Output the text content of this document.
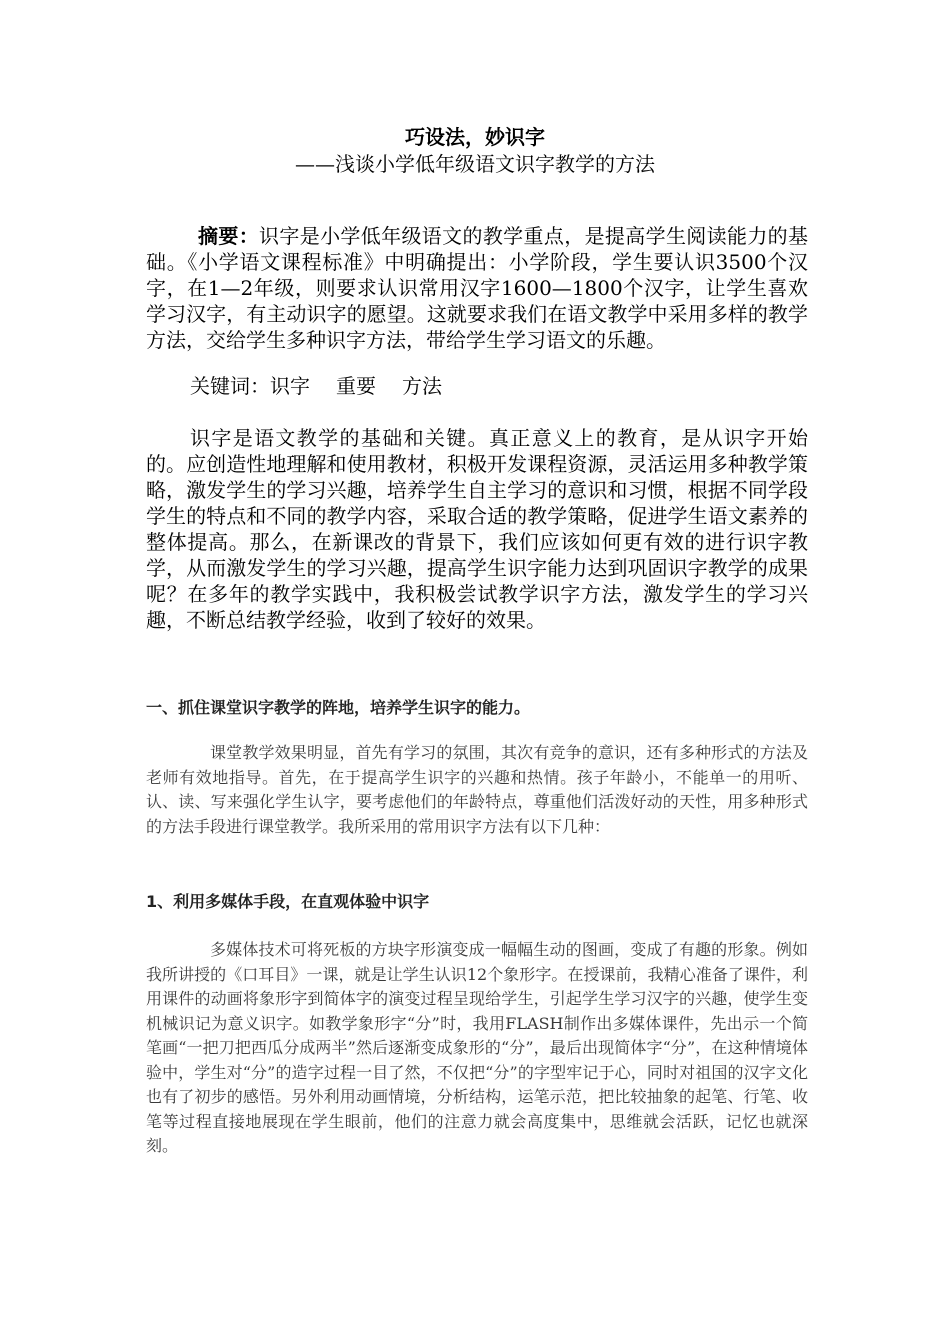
巧设法，妙识字

——浅谈小学低年级语文识字教学的方法

摘要：识字是小学低年级语文的教学重点，是提高学生阅读能力的基础。《小学语文课程标准》中明确提出：小学阶段，学生要认识3500个汉字，在1—2年级，则要求认识常用汉字1600—1800个汉字，让学生喜欢学习汉字，有主动识字的愿望。这就要求我们在语文教学中采用多样的教学方法，交给学生多种识字方法，带给学生学习语文的乐趣。

关键词：识字 重要 方法

识字是语文教学的基础和关键。真正意义上的教育，是从识字开始的。应创造性地理解和使用教材，积极开发课程资源，灵活运用多种教学策略，激发学生的学习兴趣，培养学生自主学习的意识和习惯，根据不同学段学生的特点和不同的教学内容，采取合适的教学策略，促进学生语文素养的整体提高。那么，在新课改的背景下，我们应该如何更有效的进行识字教学，从而激发学生的学习兴趣，提高学生识字能力达到巩固识字教学的成果呢？在多年的教学实践中，我积极尝试教学识字方法，激发学生的学习兴趣，不断总结教学经验，收到了较好的效果。

一、抓住课堂识字教学的阵地，培养学生识字的能力。

课堂教学效果明显，首先有学习的氛围，其次有竞争的意识，还有多种形式的方法及老师有效地指导。首先，在于提高学生识字的兴趣和热情。孩子年龄小，不能单一的用听、认、读、写来强化学生认字，要考虑他们的年龄特点，尊重他们活泼好动的天性，用多种形式的方法手段进行课堂教学。我所采用的常用识字方法有以下几种：

1、利用多媒体手段，在直观体验中识字

多媒体技术可将死板的方块字形演变成一幅幅生动的图画，变成了有趣的形象。例如我所讲授的《口耳目》一课，就是让学生认识12个象形字。在授课前，我精心准备了课件，利用课件的动画将象形字到简体字的演变过程呈现给学生，引起学生学习汉字的兴趣，使学生变机械识记为意义识字。如教学象形字“分”时，我用FLASH制作出多媒体课件，先出示一个简笔画“一把刀把西瓜分成两半”然后逐渐变成象形的“分”，最后出现简体字“分”，在这种情境体验中，学生对“分”的造字过程一目了然，不仅把“分”的字型牢记于心，同时对祖国的汉字文化也有了初步的感悟。另外利用动画情境，分析结构，运笔示范，把比较抽象的起笔、行笔、收笔等过程直接地展现在学生眼前，他们的注意力就会高度集中，思维就会活跃，记忆也就深刻。
